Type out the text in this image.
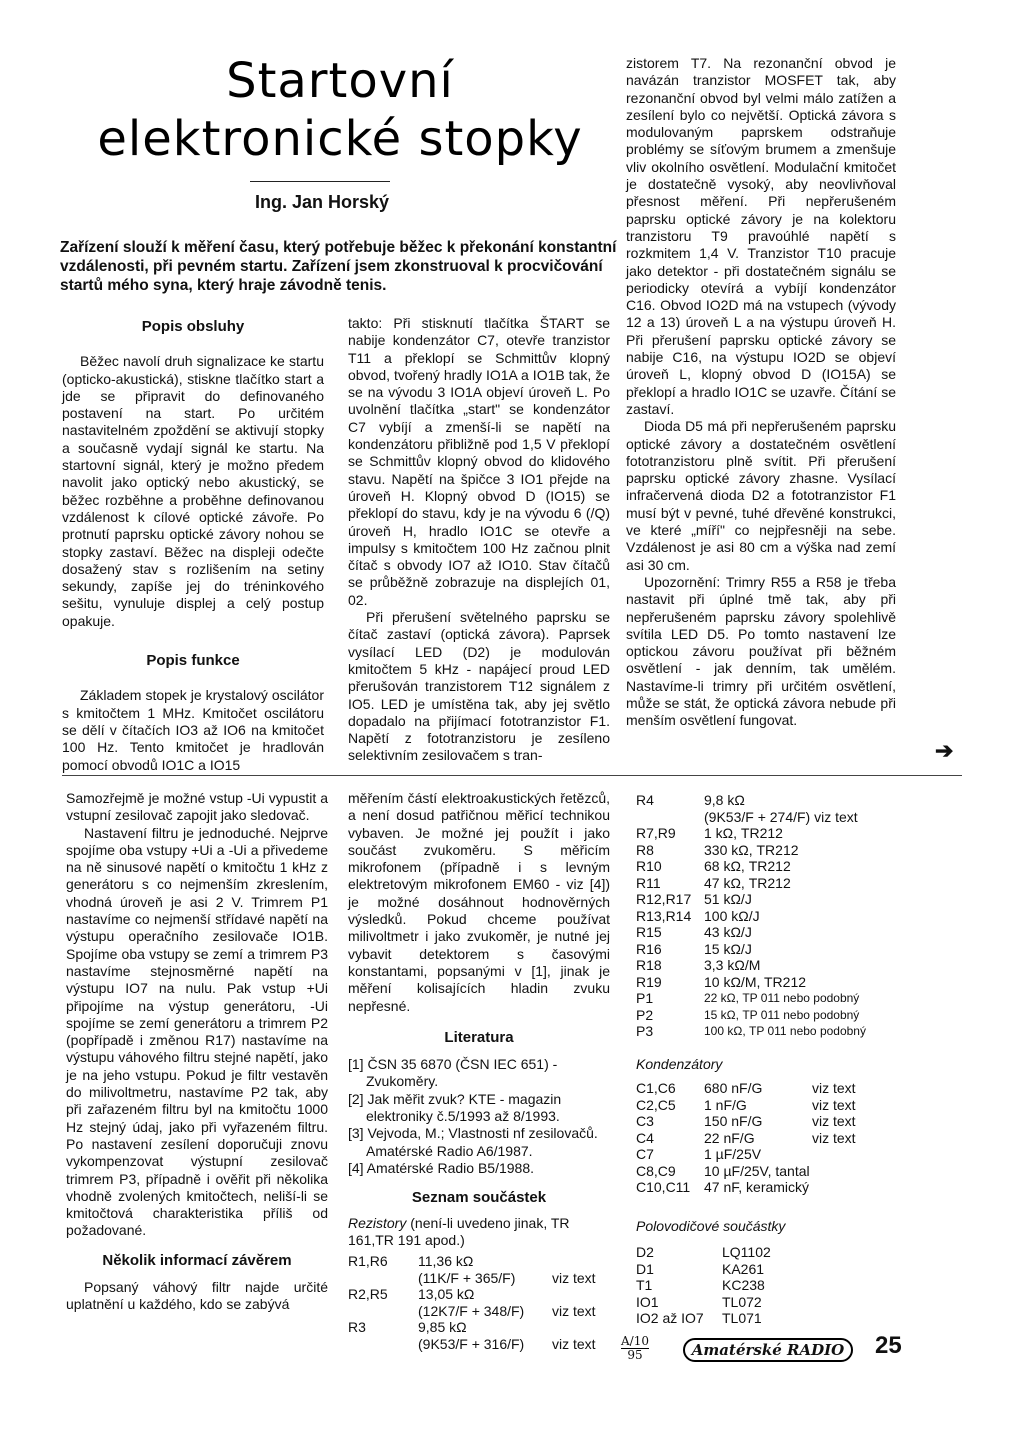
Startovní
elektronické stopky
Ing. Jan Horský
Zařízení slouží k měření času, který potřebuje běžec k překonání konstantní vzdálenosti, při pevném startu. Zařízení jsem zkonstruoval k procvičování startů mého syna, který hraje závodně tenis.
Popis obsluhy

Běžec navolí druh signalizace ke startu (opticko-akustická), stiskne tlačítko start a jde se připravit do definovaného postavení na start. Po určitém nastavitelném zpoždění se aktivují stopky a současně vydají signál ke startu. Na startovní signál, který je možno předem navolit jako optický nebo akustický, se běžec rozběhne a proběhne definovanou vzdálenost k cílové optické závoře. Po protnutí paprsku optické závory nohou se stopky zastaví. Běžec na displeji odečte dosažený stav s rozlišením na setiny sekundy, zapíše jej do tréninkového sešitu, vynuluje displej a celý postup opakuje.

Popis funkce

Základem stopek je krystalový oscilátor s kmitočtem 1 MHz. Kmitočet oscilátoru se dělí v čítačích IO3 až IO6 na kmitočet 100 Hz. Tento kmitočet je hradlován pomocí obvodů IO1C a IO15

takto: Při stisknutí tlačítka ŠTART se nabije kondenzátor C7, otevře tranzistor T11 a překlopí se Schmittův klopný obvod, tvořený hradly IO1A a IO1B tak, že se na vývodu 3 IO1A objeví úroveň L. Po uvolnění tlačítka „start" se kondenzátor C7 vybíjí a zmenší-li se napětí na kondenzátoru přibližně pod 1,5 V překlopí se Schmittův klopný obvod do klidového stavu. Napětí na špičce 3 IO1 přejde na úroveň H. Klopný obvod D (IO15) se překlopí do stavu, kdy je na vývodu 6 (/Q) úroveň H, hradlo IO1C se otevře a impulsy s kmitočtem 100 Hz začnou plnit čítač s obvody IO7 až IO10. Stav čítačů se průběžně zobrazuje na displejích 01, 02.

Při přerušení světelného paprsku se čítač zastaví (optická závora). Paprsek vysílací LED (D2) je modulován kmitočtem 5 kHz - napájecí proud LED přerušován tranzistorem T12 signálem z IO5. LED je umístěna tak, aby jej světlo dopadalo na přijímací fototranzistor F1. Napětí z fototranzistoru je zesíleno selektivním zesilovačem s tran-

zistorem T7. Na rezonanční obvod je navázán tranzistor MOSFET tak, aby rezonanční obvod byl velmi málo zatížen a zesílení bylo co největší. Optická závora s modulovaným paprskem odstraňuje problémy se síťovým brumem a zmenšuje vliv okolního osvětlení. Modulační kmitočet je dostatečně vysoký, aby neovlivňoval přesnost měření. Při nepřerušeném paprsku optické závory je na kolektoru tranzistoru T9 pravoúhlé napětí s rozkmitem 1,4 V. Tranzistor T10 pracuje jako detektor - při dostatečném signálu se periodicky otevírá a vybíjí kondenzátor C16. Obvod IO2D má na vstupech (vývody 12 a 13) úroveň L a na výstupu úroveň H. Při přerušení paprsku optické závory se nabije C16, na výstupu IO2D se objeví úroveň L, klopný obvod D (IO15A) se překlopí a hradlo IO1C se uzavře. Čítání se zastaví.

Dioda D5 má při nepřerušeném paprsku optické závory a dostatečném osvětlení fototranzistoru plně svítit. Při přerušení paprsku optické závory zhasne. Vysílací infračervená dioda D2 a fototranzistor F1 musí být v pevné, tuhé dřevěné konstrukci, ve které „míří" co nejpřesněji na sebe. Vzdálenost je asi 80 cm a výška nad zemí asi 30 cm.

Upozornění: Trimry R55 a R58 je třeba nastavit při úplné tmě tak, aby při nepřerušeném paprsku závory spolehlivě svítila LED D5. Po tomto nastavení lze optickou závoru používat při běžném osvětlení - jak denním, tak umělém. Nastavíme-li trimry při určitém osvětlení, může se stát, že optická závora nebude při menším osvětlení fungovat.

➔

Samozřejmě je možné vstup -Ui vypustit a vstupní zesilovač zapojit jako sledovač.

Nastavení filtru je jednoduché. Nejprve spojíme oba vstupy +Ui a -Ui a přivedeme na ně sinusové napětí o kmitočtu 1 kHz z generátoru s co nejmenším zkreslením, vhodná úroveň je asi 2 V. Trimrem P1 nastavíme co nejmenší střídavé napětí na výstupu operačního zesilovače IO1B. Spojíme oba vstupy se zemí a trimrem P3 nastavíme stejnosměrné napětí na výstupu IO7 na nulu. Pak vstup +Ui připojíme na výstup generátoru, -Ui spojíme se zemí generátoru a trimrem P2 (popřípadě i změnou R17) nastavíme na výstupu váhového filtru stejné napětí, jako je na jeho vstupu. Pokud je filtr vestavěn do milivoltmetru, nastavíme P2 tak, aby při zařazeném filtru byl na kmitočtu 1000 Hz stejný údaj, jako při vyřazeném filtru. Po nastavení zesílení doporučuji znovu vykompenzovat výstupní zesilovač trimrem P3, případně i ověřit při několika vhodně zvolených kmitočtech, neliší-li se kmitočtová charakteristika příliš od požadované.

Několik informací závěrem

Popsaný váhový filtr najde určité uplatnění u každého, kdo se zabývá

měřením částí elektroakustických řetězců, a není dosud patřičnou měřicí technikou vybaven. Je možné jej použít i jako součást zvukoměru. S měřicím mikrofonem (případně i s levným elektretovým mikrofonem EM60 - viz [4]) je možné dosáhnout hodnověrných výsledků. Pokud chceme používat milivoltmetr i jako zvukoměr, je nutné jej vybavit detektorem s časovými konstantami, popsanými v [1], jinak je měření kolisajících hladin zvuku nepřesné.

Literatura
[1] ČSN 35 6870 (ČSN IEC 651) - Zvukoměry.
[2] Jak měřit zvuk? KTE - magazin elektroniky č.5/1993 až 8/1993.
[3] Vejvoda, M.; Vlastnosti nf zesilovačů. Amatérské Radio A6/1987.
[4] Amatérské Radio B5/1988.
Seznam součástek
Rezistory (není-li uvedeno jinak, TR 161,TR 191 apod.)
R1,R6	11,36 kΩ
(11K/F + 365/F)	viz text
R2,R5	13,05 kΩ
(12K7/F + 348/F)	viz text
R3	9,85 kΩ
(9K53/F + 316/F)	viz text
R4	9,8 kΩ
(9K53/F + 274/F) viz text
R7,R9 1 kΩ, TR212
R8	330 kΩ, TR212
R10	68 kΩ, TR212
R11	47 kΩ, TR212
R12,R17 51 kΩ/J
R13,R14 100 kΩ/J
R15	43 kΩ/J
R16	15 kΩ/J
R18	3,3 kΩ/M
R19	10 kΩ/M, TR212
P1	22 kΩ, TP 011 nebo podobný
P2	15 kΩ, TP 011 nebo podobný
P3	100 kΩ, TP 011 nebo podobný
Kondenzátory
C1,C6	680 nF/G	viz text
C2,C5	1 nF/G	viz text
C3	150 nF/G	viz text
C4	22 nF/G	viz text
C7	1 µF/25V
C8,C9	10 µF/25V, tantal
C10,C11 47 nF, keramický
Polovodičové součástky
D2	LQ1102
D1	KA261
T1	KC238
IO1	TL072
IO2 až IO7	TL071
A/10
95	Amatérské RADIO	25
